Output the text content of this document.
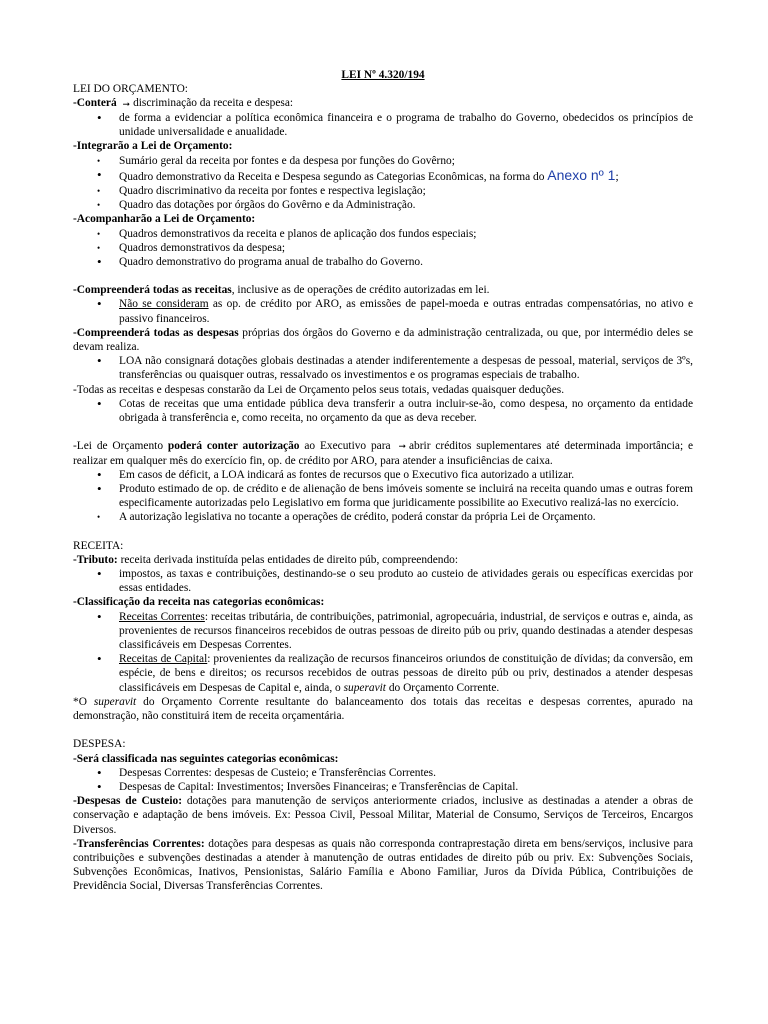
LEI Nº 4.320/194

LEI DO ORÇAMENTO:

-Conterá ➞ discriminação da receita e despesa:

• de forma a evidenciar a política econômica financeira e o programa de trabalho do Governo, obedecidos os princípios de unidade universalidade e anualidade.

-Integrarão a Lei de Orçamento:

• Sumário geral da receita por fontes e da despesa por funções do Govêrno;
• Quadro demonstrativo da Receita e Despesa segundo as Categorias Econômicas, na forma do Anexo nº 1;
• Quadro discriminativo da receita por fontes e respectiva legislação;
• Quadro das dotações por órgãos do Govêrno e da Administração.

-Acompanharão a Lei de Orçamento:

• Quadros demonstrativos da receita e planos de aplicação dos fundos especiais;
• Quadros demonstrativos da despesa;
• Quadro demonstrativo do programa anual de trabalho do Governo.

-Compreenderá todas as receitas, inclusive as de operações de crédito autorizadas em lei.

• Não se consideram as op. de crédito por ARO, as emissões de papel-moeda e outras entradas compensatórias, no ativo e passivo financeiros.

-Compreenderá todas as despesas próprias dos órgãos do Governo e da administração centralizada, ou que, por intermédio deles se devam realiza.

• LOA não consignará dotações globais destinadas a atender indiferentemente a despesas de pessoal, material, serviços de 3ºs, transferências ou quaisquer outras, ressalvado os investimentos e os programas especiais de trabalho.

-Todas as receitas e despesas constarão da Lei de Orçamento pelos seus totais, vedadas quaisquer deduções.

• Cotas de receitas que uma entidade pública deva transferir a outra incluir-se-ão, como despesa, no orçamento da entidade obrigada à transferência e, como receita, no orçamento da que as deva receber.

-Lei de Orçamento poderá conter autorização ao Executivo para ➞ abrir créditos suplementares até determinada importância; e realizar em qualquer mês do exercício fin, op. de crédito por ARO, para atender a insuficiências de caixa.

• Em casos de déficit, a LOA indicará as fontes de recursos que o Executivo fica autorizado a utilizar.
• Produto estimado de op. de crédito e de alienação de bens imóveis somente se incluirá na receita quando umas e outras forem especificamente autorizadas pelo Legislativo em forma que juridicamente possibilite ao Executivo realizá-las no exercício.
• A autorização legislativa no tocante a operações de crédito, poderá constar da própria Lei de Orçamento.

RECEITA:

-Tributo: receita derivada instituída pelas entidades de direito púb, compreendendo:

• impostos, as taxas e contribuições, destinando-se o seu produto ao custeio de atividades gerais ou específicas exercidas por essas entidades.

-Classificação da receita nas categorias econômicas:

• Receitas Correntes: receitas tributária, de contribuições, patrimonial, agropecuária, industrial, de serviços e outras e, ainda, as provenientes de recursos financeiros recebidos de outras pessoas de direito púb ou priv, quando destinadas a atender despesas classificáveis em Despesas Correntes.
• Receitas de Capital: provenientes da realização de recursos financeiros oriundos de constituição de dívidas; da conversão, em espécie, de bens e direitos; os recursos recebidos de outras pessoas de direito púb ou priv, destinados a atender despesas classificáveis em Despesas de Capital e, ainda, o superavit do Orçamento Corrente.

*O superavit do Orçamento Corrente resultante do balanceamento dos totais das receitas e despesas correntes, apurado na demonstração, não constituirá item de receita orçamentária.

DESPESA:

-Será classificada nas seguintes categorias econômicas:

• Despesas Correntes: despesas de Custeio; e Transferências Correntes.
• Despesas de Capital: Investimentos; Inversões Financeiras; e Transferências de Capital.

-Despesas de Custeio: dotações para manutenção de serviços anteriormente criados, inclusive as destinadas a atender a obras de conservação e adaptação de bens imóveis. Ex: Pessoa Civil, Pessoal Militar, Material de Consumo, Serviços de Terceiros, Encargos Diversos.

-Transferências Correntes: dotações para despesas as quais não corresponda contraprestação direta em bens/serviços, inclusive para contribuições e subvenções destinadas a atender à manutenção de outras entidades de direito púb ou priv. Ex: Subvenções Sociais, Subvenções Econômicas, Inativos, Pensionistas, Salário Família e Abono Familiar, Juros da Dívida Pública, Contribuições de Previdência Social, Diversas Transferências Correntes.
